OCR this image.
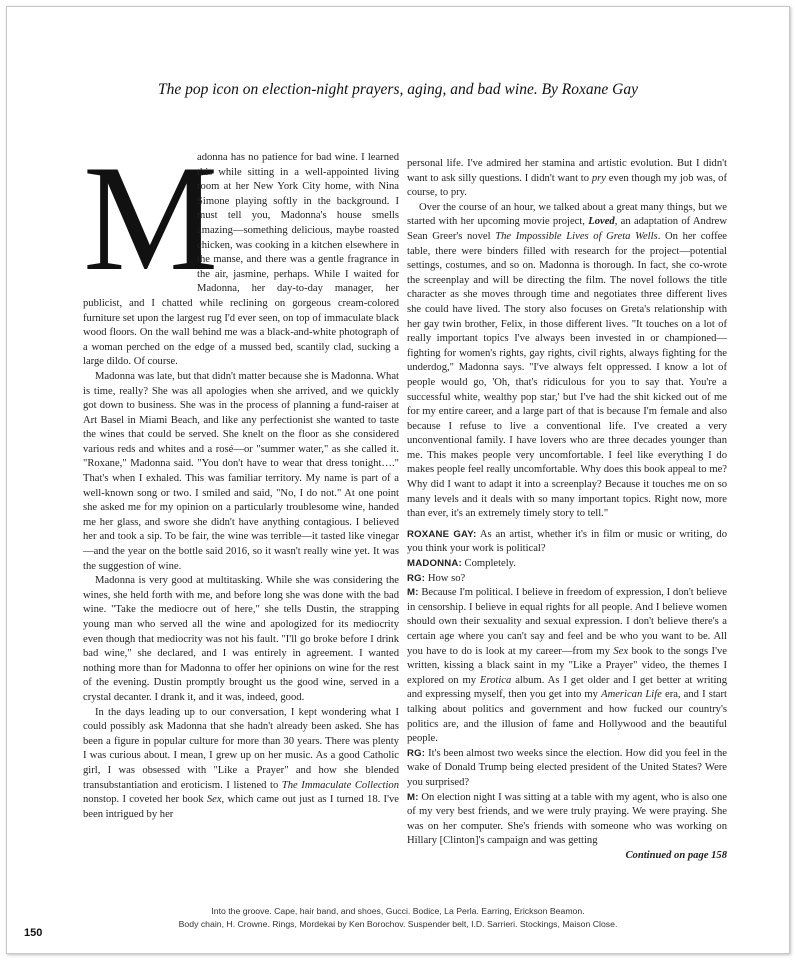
The pop icon on election-night prayers, aging, and bad wine. By Roxane Gay
M

adonna has no patience for bad wine. I learned this while sitting in a well-appointed living room at her New York City home, with Nina Simone playing softly in the background. I must tell you, Madonna's house smells amazing—something delicious, maybe roasted chicken, was cooking in a kitchen elsewhere in the manse, and there was a gentle fragrance in the air, jasmine, perhaps. While I waited for Madonna, her day-to-day manager, her publicist, and I chatted while reclining on gorgeous cream-colored furniture set upon the largest rug I'd ever seen, on top of immaculate black wood floors. On the wall behind me was a black-and-white photograph of a woman perched on the edge of a mussed bed, scantily clad, sucking a large dildo. Of course.

Madonna was late, but that didn't matter because she is Madonna. What is time, really? She was all apologies when she arrived, and we quickly got down to business. She was in the process of planning a fund-raiser at Art Basel in Miami Beach, and like any perfectionist she wanted to taste the wines that could be served. She knelt on the floor as she considered various reds and whites and a rosé—or "summer water," as she called it. "Roxane," Madonna said. "You don't have to wear that dress tonight…." That's when I exhaled. This was familiar territory. My name is part of a well-known song or two. I smiled and said, "No, I do not." At one point she asked me for my opinion on a particularly troublesome wine, handed me her glass, and swore she didn't have anything contagious. I believed her and took a sip. To be fair, the wine was terrible—it tasted like vinegar—and the year on the bottle said 2016, so it wasn't really wine yet. It was the suggestion of wine.

Madonna is very good at multitasking. While she was considering the wines, she held forth with me, and before long she was done with the bad wine. "Take the mediocre out of here," she tells Dustin, the strapping young man who served all the wine and apologized for its mediocrity even though that mediocrity was not his fault. "I'll go broke before I drink bad wine," she declared, and I was entirely in agreement. I wanted nothing more than for Madonna to offer her opinions on wine for the rest of the evening. Dustin promptly brought us the good wine, served in a crystal decanter. I drank it, and it was, indeed, good.

In the days leading up to our conversation, I kept wondering what I could possibly ask Madonna that she hadn't already been asked. She has been a figure in popular culture for more than 30 years. There was plenty I was curious about. I mean, I grew up on her music. As a good Catholic girl, I was obsessed with "Like a Prayer" and how she blended transubstantiation and eroticism. I listened to The Immaculate Collection nonstop. I coveted her book Sex, which came out just as I turned 18. I've been intrigued by her

personal life. I've admired her stamina and artistic evolution. But I didn't want to ask silly questions. I didn't want to pry even though my job was, of course, to pry.

Over the course of an hour, we talked about a great many things, but we started with her upcoming movie project, Loved, an adaptation of Andrew Sean Greer's novel The Impossible Lives of Greta Wells. On her coffee table, there were binders filled with research for the project—potential settings, costumes, and so on. Madonna is thorough. In fact, she co-wrote the screenplay and will be directing the film. The novel follows the title character as she moves through time and negotiates three different lives she could have lived. The story also focuses on Greta's relationship with her gay twin brother, Felix, in those different lives. "It touches on a lot of really important topics I've always been invested in or championed—fighting for women's rights, gay rights, civil rights, always fighting for the underdog," Madonna says. "I've always felt oppressed. I know a lot of people would go, 'Oh, that's ridiculous for you to say that. You're a successful white, wealthy pop star,' but I've had the shit kicked out of me for my entire career, and a large part of that is because I'm female and also because I refuse to live a conventional life. I've created a very unconventional family. I have lovers who are three decades younger than me. This makes people very uncomfortable. I feel like everything I do makes people feel really uncomfortable. Why does this book appeal to me? Why did I want to adapt it into a screenplay? Because it touches me on so many levels and it deals with so many important topics. Right now, more than ever, it's an extremely timely story to tell."

ROXANE GAY: As an artist, whether it's in film or music or writing, do you think your work is political?

MADONNA: Completely.

RG: How so?

M: Because I'm political. I believe in freedom of expression, I don't believe in censorship. I believe in equal rights for all people. And I believe women should own their sexuality and sexual expression. I don't believe there's a certain age where you can't say and feel and be who you want to be. All you have to do is look at my career—from my Sex book to the songs I've written, kissing a black saint in my "Like a Prayer" video, the themes I explored on my Erotica album. As I get older and I get better at writing and expressing myself, then you get into my American Life era, and I start talking about politics and government and how fucked our country's politics are, and the illusion of fame and Hollywood and the beautiful people.

RG: It's been almost two weeks since the election. How did you feel in the wake of Donald Trump being elected president of the United States? Were you surprised?

M: On election night I was sitting at a table with my agent, who is also one of my very best friends, and we were truly praying. We were praying. She was on her computer. She's friends with someone who was working on Hillary [Clinton]'s campaign and was getting

Continued on page 158

Into the groove. Cape, hair band, and shoes, Gucci. Bodice, La Perla. Earring, Erickson Beamon.
Body chain, H. Crowne. Rings, Mordekai by Ken Borochov. Suspender belt, I.D. Sarrieri. Stockings, Maison Close.
150
